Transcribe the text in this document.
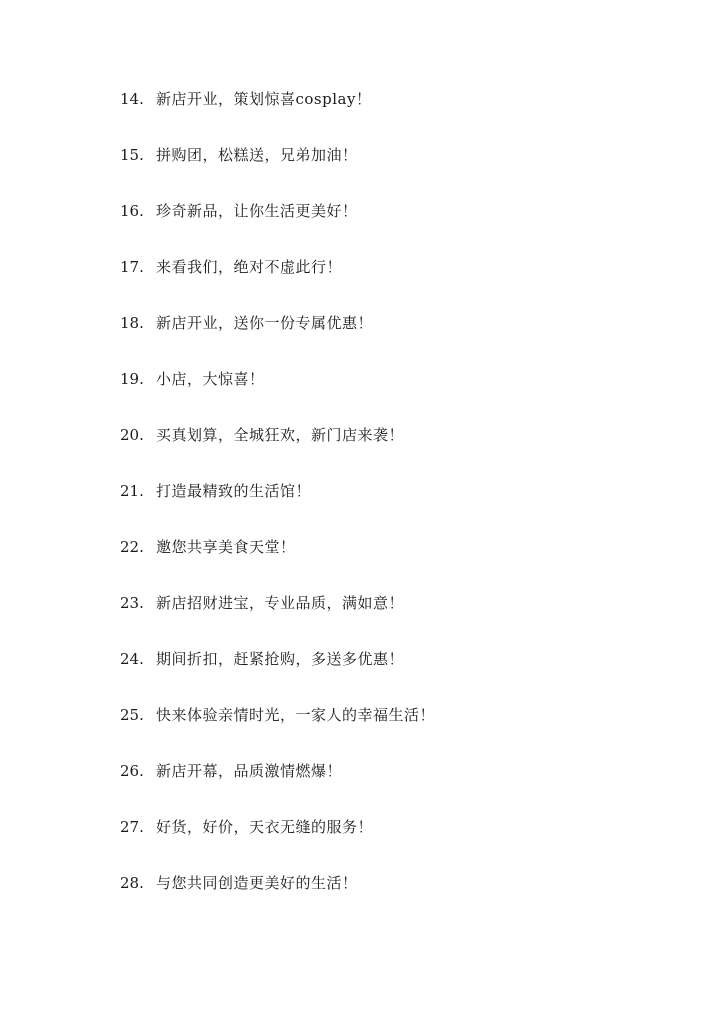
14. 新店开业，策划惊喜cosplay！
15. 拼购团，松糕送，兄弟加油！
16. 珍奇新品，让你生活更美好！
17. 来看我们，绝对不虚此行！
18. 新店开业，送你一份专属优惠！
19. 小店，大惊喜！
20. 买真划算，全城狂欢，新门店来袭！
21. 打造最精致的生活馆！
22. 邀您共享美食天堂！
23. 新店招财进宝，专业品质，满如意！
24. 期间折扣，赶紧抢购，多送多优惠！
25. 快来体验亲情时光，一家人的幸福生活！
26. 新店开幕，品质激情燃爆！
27. 好货，好价，天衣无缝的服务！
28. 与您共同创造更美好的生活！
